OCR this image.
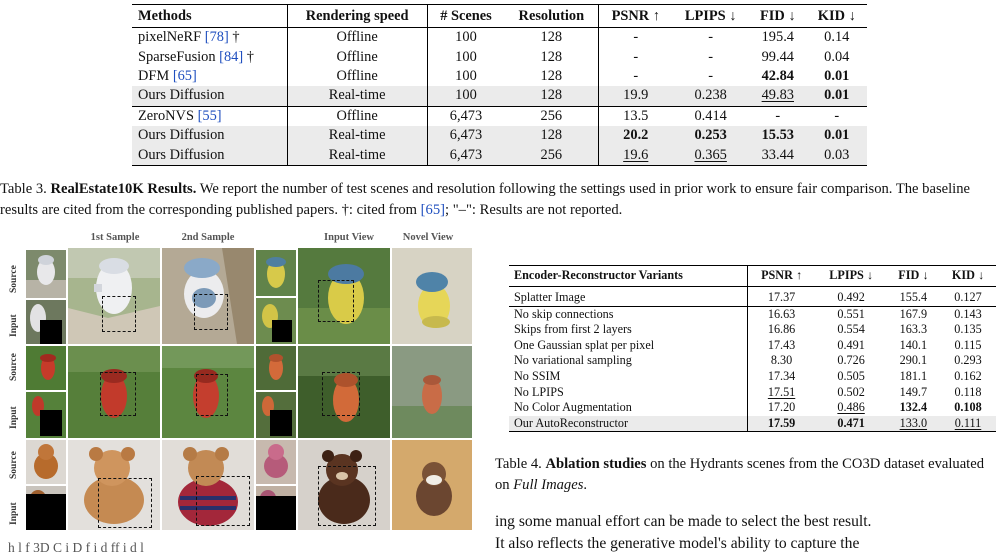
Methods	Rendering speed	# Scenes	Resolution	PSNR ↑	LPIPS ↓	FID ↓	KID ↓
pixelNeRF [78] †	Offline	100	128	-	-	195.4	0.14
SparseFusion [84] †	Offline	100	128	-	-	99.44	0.04
DFM [65]	Offline	100	128	-	-	42.84	0.01
Ours Diffusion	Real-time	100	128	19.9	0.238	49.83	0.01
ZeroNVS [55]	Offline	6,473	256	13.5	0.414	-	-
Ours Diffusion	Real-time	6,473	128	20.2	0.253	15.53	0.01
Ours Diffusion	Real-time	6,473	256	19.6	0.365	33.44	0.03
Table 3. RealEstate10K Results. We report the number of test scenes and resolution following the settings used in prior work to ensure fair comparison. The baseline results are cited from the corresponding published papers. †: cited from [65]; "–": Results are not reported.
1st Sample	2nd Sample	Input View	Novel View
Source
Input
Source
Input
Source
Input
h l f 3D C i D f i d ff i d l
Encoder-Reconstructor Variants	PSNR ↑	LPIPS ↓	FID ↓	KID ↓
Splatter Image	17.37	0.492	155.4	0.127
No skip connections	16.63	0.551	167.9	0.143
Skips from first 2 layers	16.86	0.554	163.3	0.135
One Gaussian splat per pixel	17.43	0.491	140.1	0.115
No variational sampling	8.30	0.726	290.1	0.293
No SSIM	17.34	0.505	181.1	0.162
No LPIPS	17.51	0.502	149.7	0.118
No Color Augmentation	17.20	0.486	132.4	0.108
Our AutoReconstructor	17.59	0.471	133.0	0.111
Table 4. Ablation studies on the Hydrants scenes from the CO3D dataset evaluated on Full Images.
ing some manual effort can be made to select the best result.
It also reflects the generative model's ability to capture the
